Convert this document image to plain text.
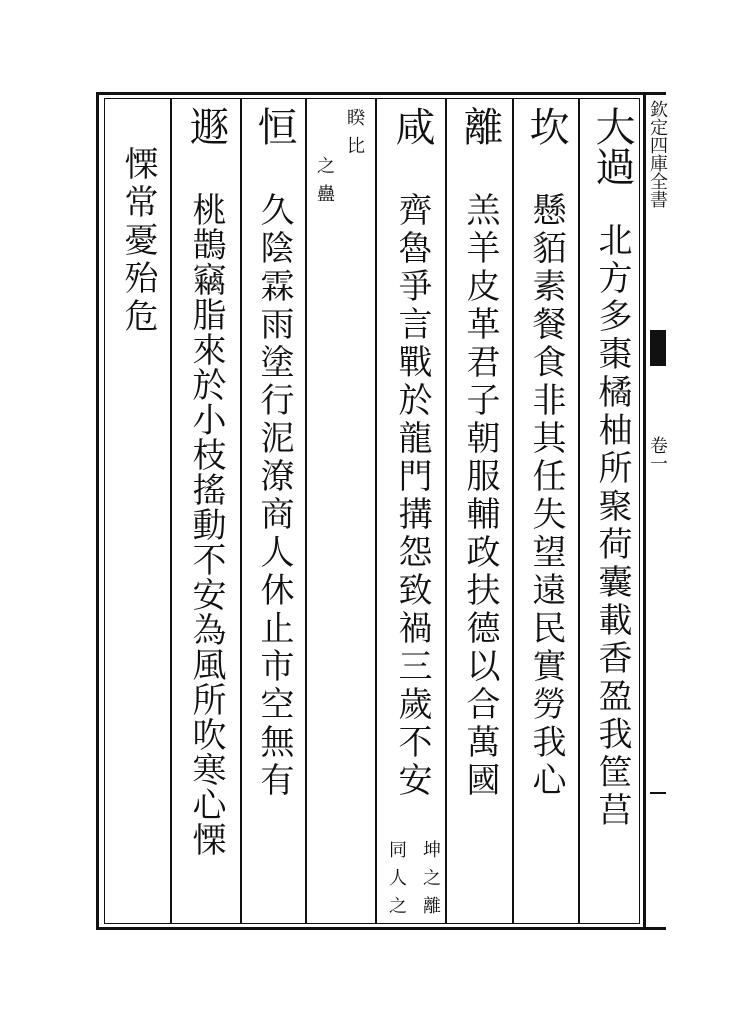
欽定四庫全書
卷一
大過
北方多棗橘柚所聚荷囊載香盈我筐莒
坎
懸貊素餐食非其任失望遠民實勞我心
離
羔羊皮革君子朝服輔政扶德以合萬國
咸
齊魯爭言戰於龍門搆怨致禍三歲不安
坤之離
同人之
睽比
之蠱
恒
久陰霖雨塗行泥潦商人休止市空無有
遯
桃鵲竊脂來於小枝搖動不安為風所吹寒心慄
慄常憂殆危
